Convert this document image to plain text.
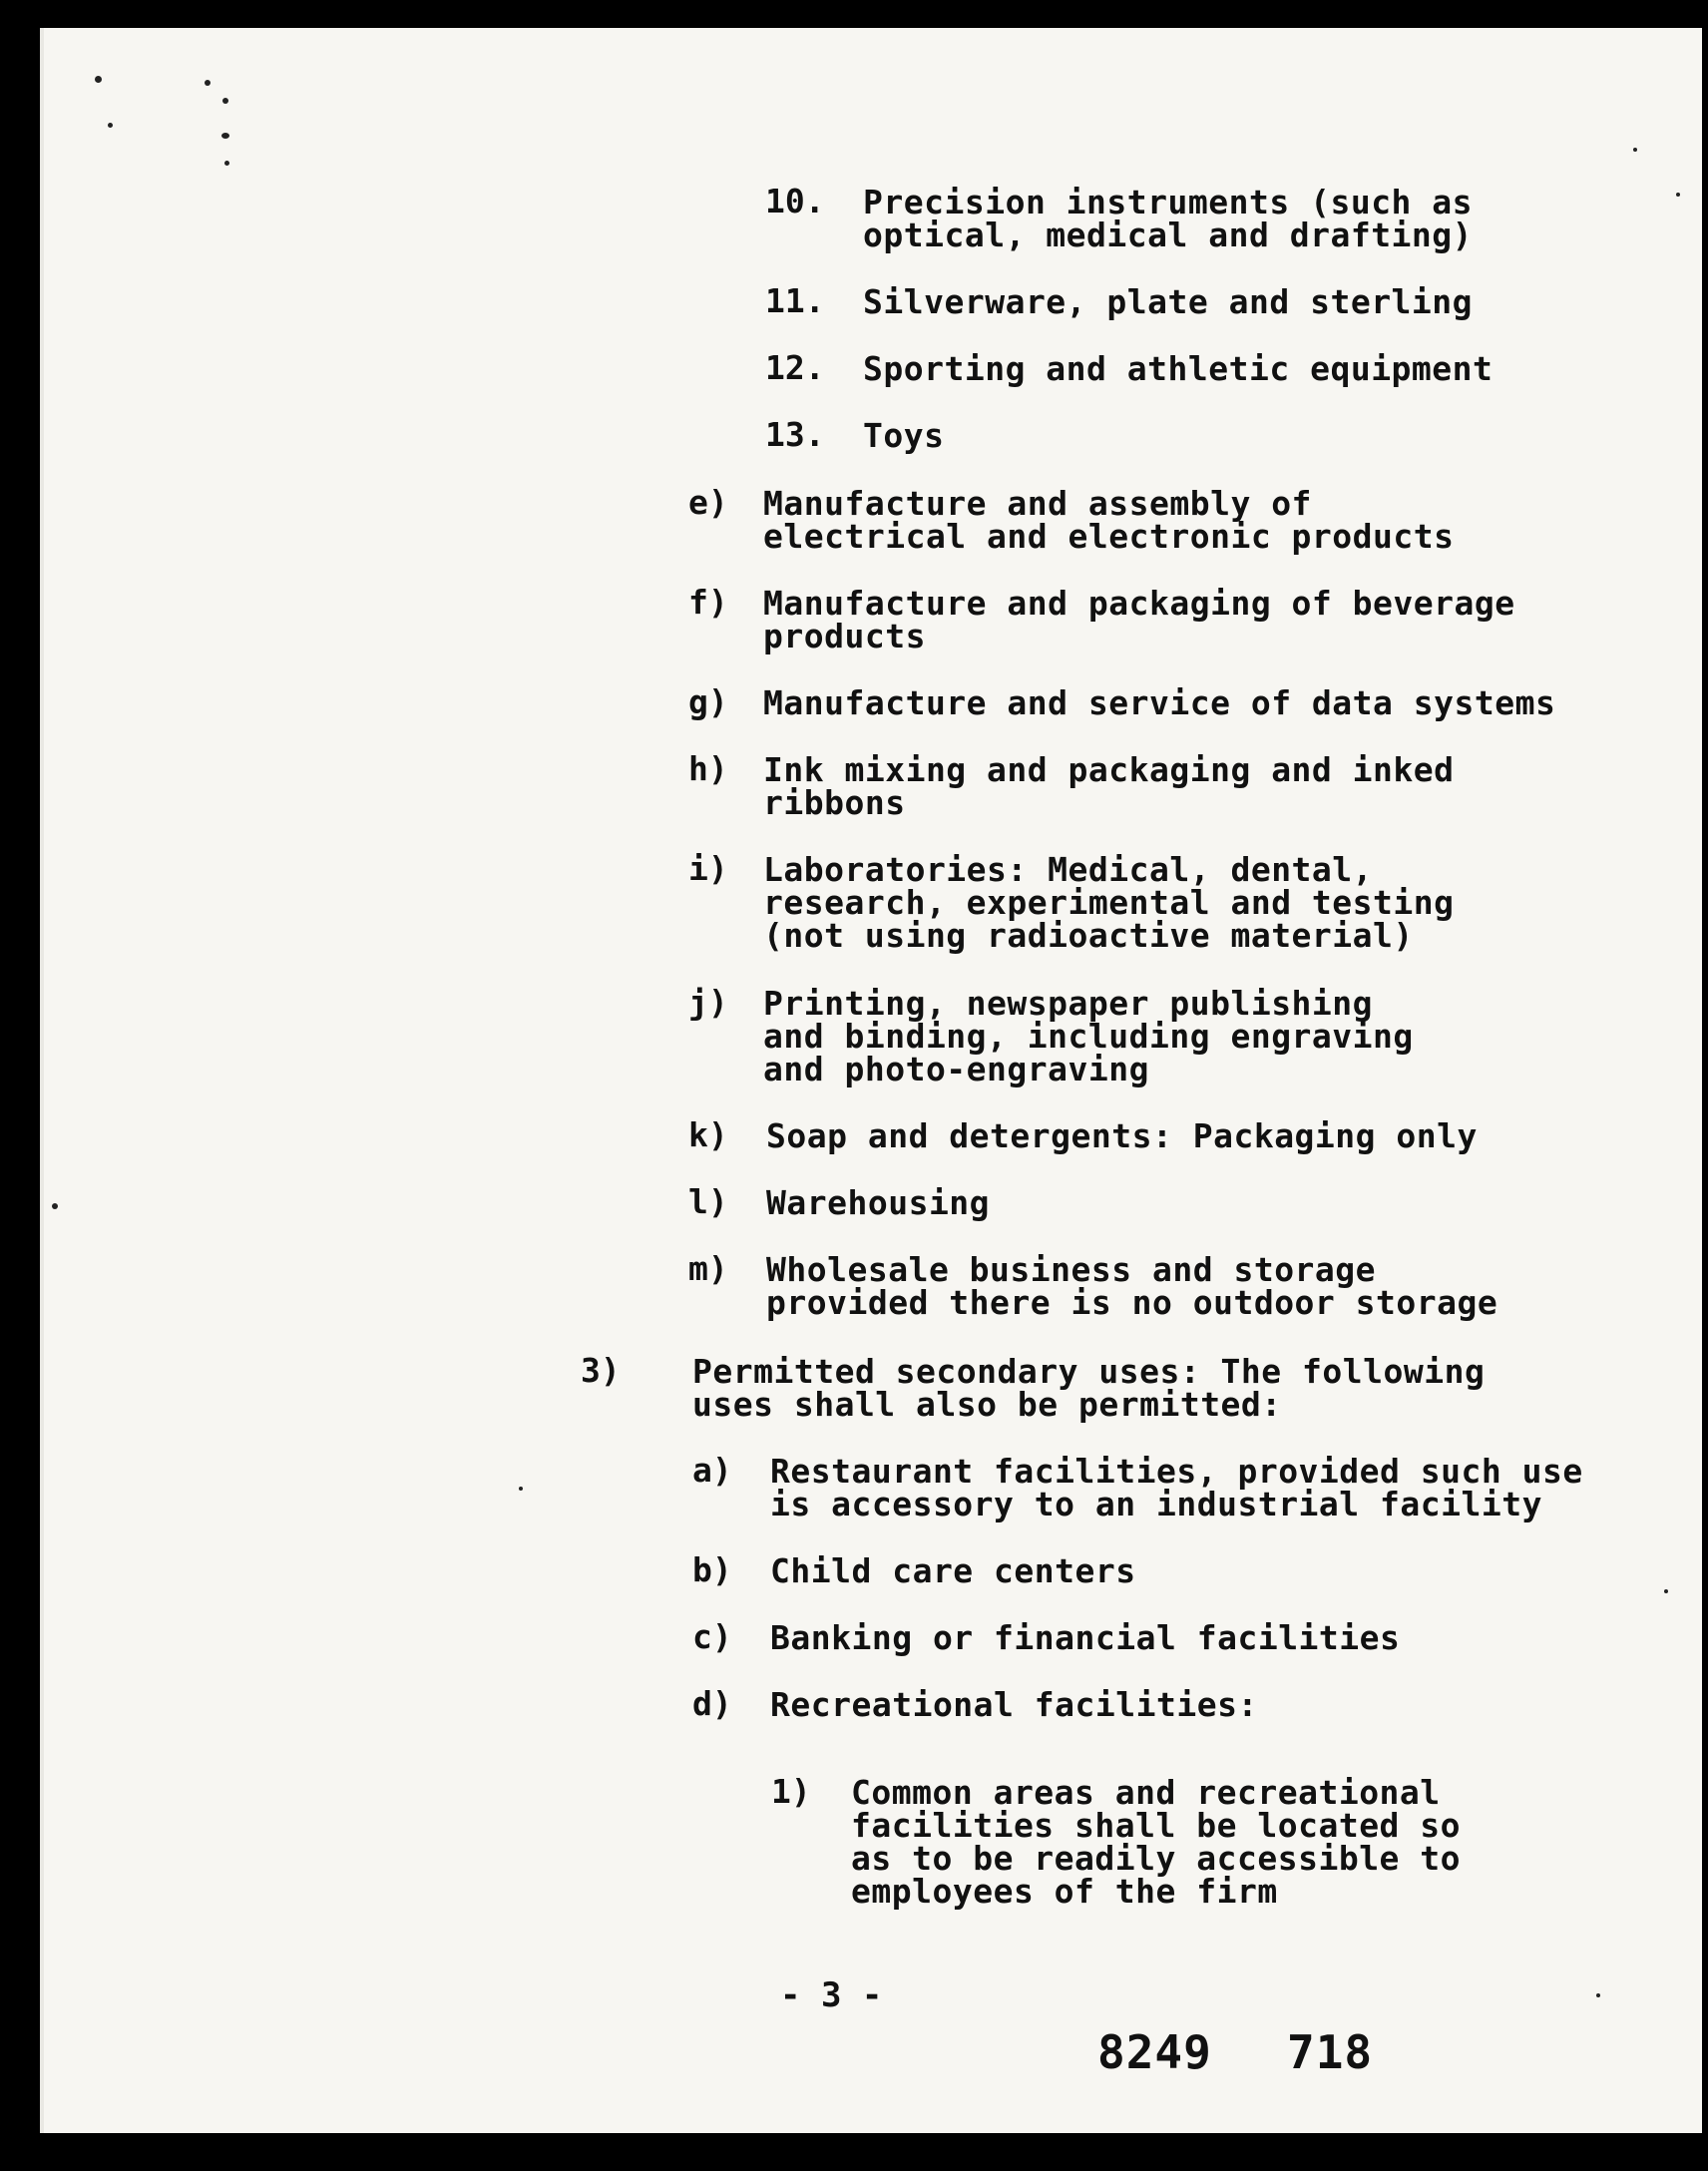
10. Precision instruments (such as

optical, medical and drafting)

11. Silverware, plate and sterling

12. Sporting and athletic equipment

13. Toys

e) Manufacture and assembly of

electrical and electronic products

f) Manufacture and packaging of beverage

products

g) Manufacture and service of data systems

h) Ink mixing and packaging and inked

ribbons

i) Laboratories: Medical, dental,

research, experimental and testing

(not using radioactive material)

j) Printing, newspaper publishing

and binding, including engraving

and photo-engraving

k) Soap and detergents: Packaging only

l) Warehousing

m) Wholesale business and storage

provided there is no outdoor storage

3) Permitted secondary uses: The following

uses shall also be permitted:

a) Restaurant facilities, provided such use

is accessory to an industrial facility

b) Child care centers

c) Banking or financial facilities

d) Recreational facilities:

1) Common areas and recreational

facilities shall be located so

as to be readily accessible to

employees of the firm

- 3 -
8249 718
